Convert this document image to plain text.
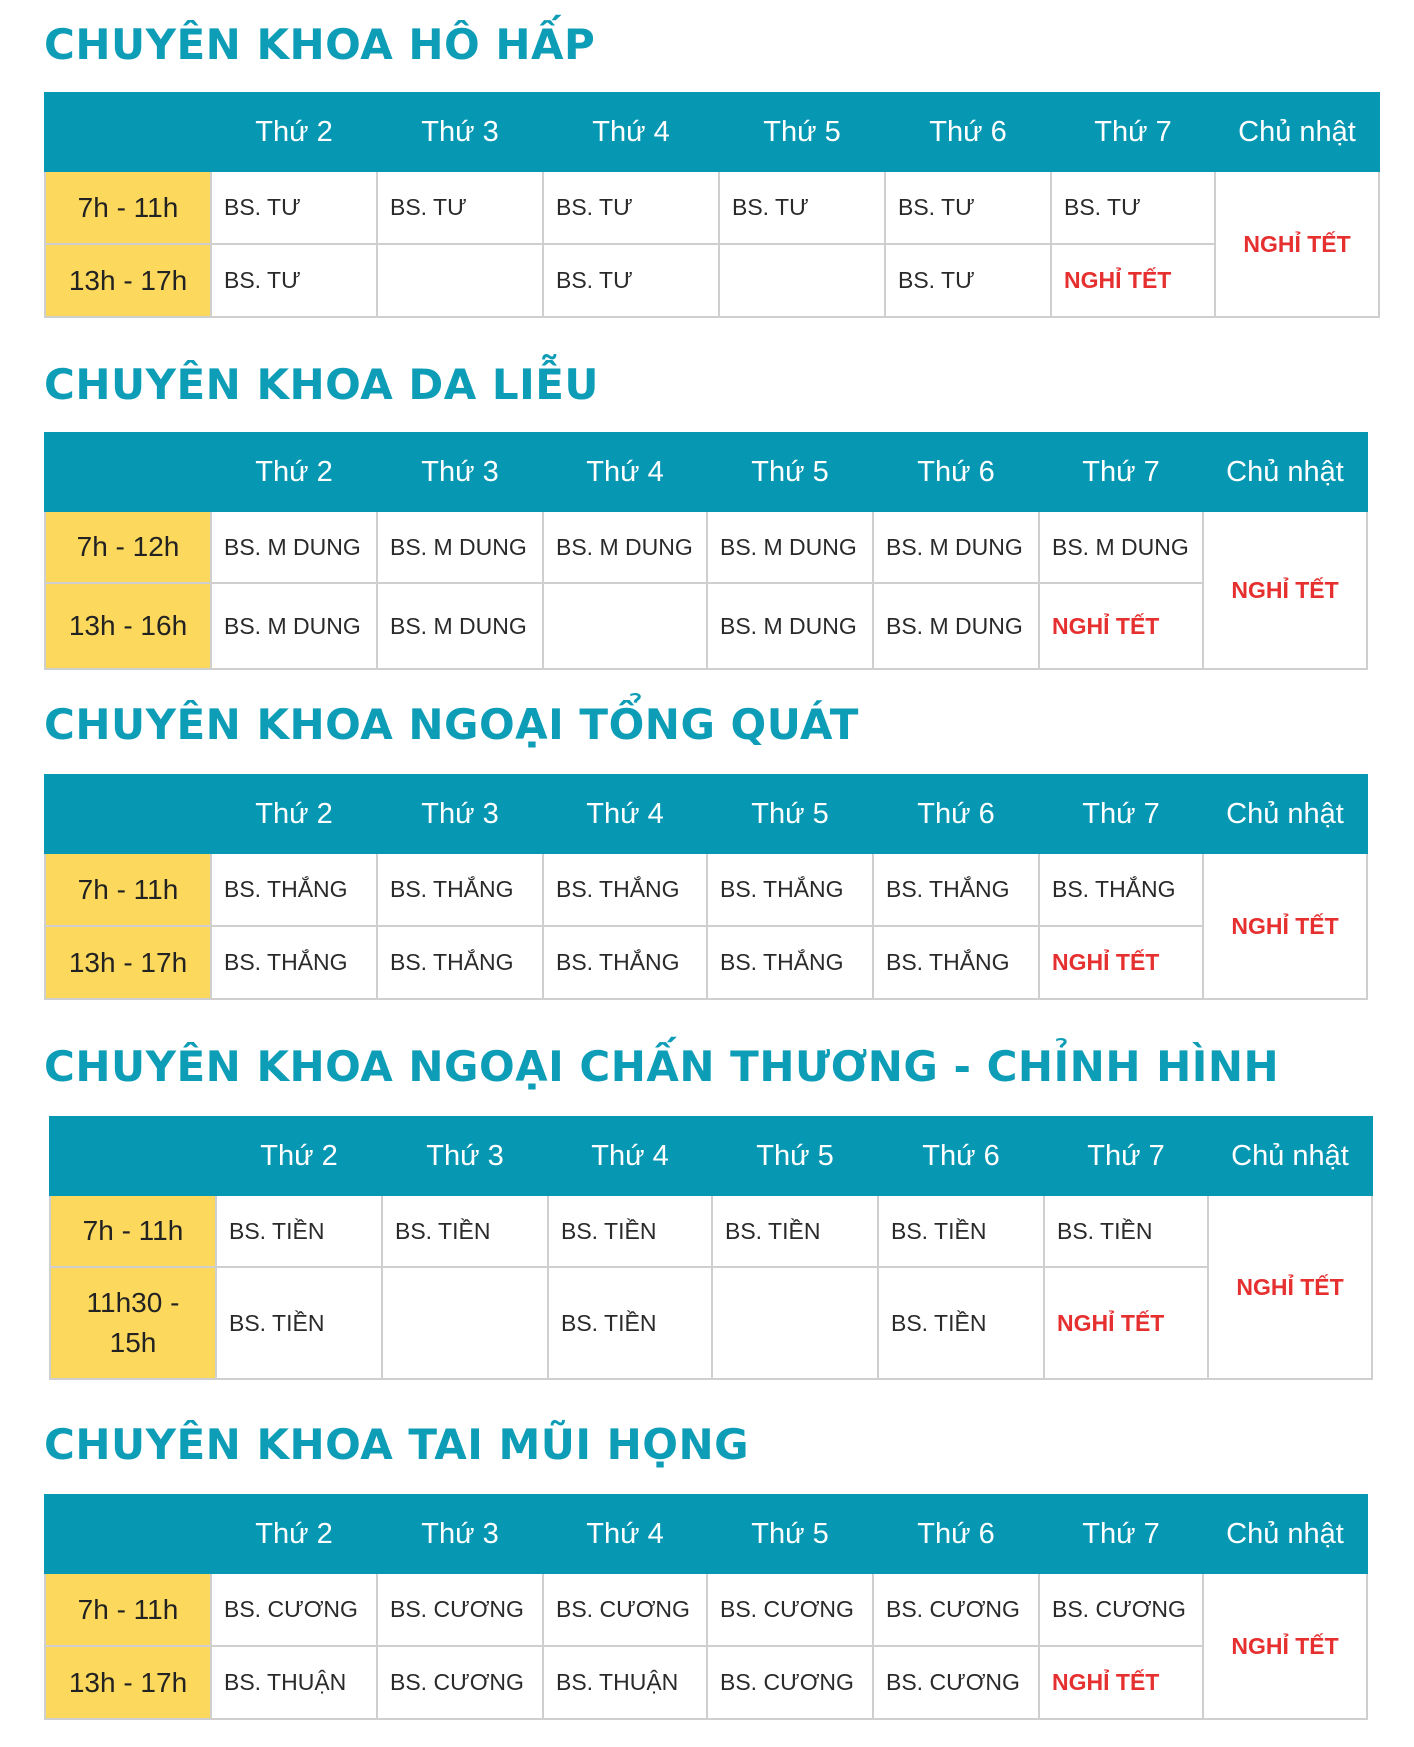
CHUYÊN KHOA HÔ HẤP
	Thứ 2	Thứ 3	Thứ 4	Thứ 5	Thứ 6	Thứ 7	Chủ nhật
7h - 11h	BS. TƯ	BS. TƯ	BS. TƯ	BS. TƯ	BS. TƯ	BS. TƯ	NGHỈ TẾT
13h - 17h	BS. TƯ		BS. TƯ		BS. TƯ	NGHỈ TẾT	
CHUYÊN KHOA DA LIỄU
	Thứ 2	Thứ 3	Thứ 4	Thứ 5	Thứ 6	Thứ 7	Chủ nhật
7h - 12h	BS. M DUNG	BS. M DUNG	BS. M DUNG	BS. M DUNG	BS. M DUNG	BS. M DUNG	NGHỈ TẾT
13h - 16h	BS. M DUNG	BS. M DUNG		BS. M DUNG	BS. M DUNG	NGHỈ TẾT	
CHUYÊN KHOA NGOẠI TỔNG QUÁT
	Thứ 2	Thứ 3	Thứ 4	Thứ 5	Thứ 6	Thứ 7	Chủ nhật
7h - 11h	BS. THẮNG	BS. THẮNG	BS. THẮNG	BS. THẮNG	BS. THẮNG	BS. THẮNG	NGHỈ TẾT
13h - 17h	BS. THẮNG	BS. THẮNG	BS. THẮNG	BS. THẮNG	BS. THẮNG	NGHỈ TẾT	
CHUYÊN KHOA NGOẠI CHẤN THƯƠNG - CHỈNH HÌNH
	Thứ 2	Thứ 3	Thứ 4	Thứ 5	Thứ 6	Thứ 7	Chủ nhật
7h - 11h	BS. TIỀN	BS. TIỀN	BS. TIỀN	BS. TIỀN	BS. TIỀN	BS. TIỀN	NGHỈ TẾT
11h30 - 15h	BS. TIỀN		BS. TIỀN		BS. TIỀN	NGHỈ TẾT	
CHUYÊN KHOA TAI MŨI HỌNG
	Thứ 2	Thứ 3	Thứ 4	Thứ 5	Thứ 6	Thứ 7	Chủ nhật
7h - 11h	BS. CƯƠNG	BS. CƯƠNG	BS. CƯƠNG	BS. CƯƠNG	BS. CƯƠNG	BS. CƯƠNG	NGHỈ TẾT
13h - 17h	BS. THUẬN	BS. CƯƠNG	BS. THUẬN	BS. CƯƠNG	BS. CƯƠNG	NGHỈ TẾT	
